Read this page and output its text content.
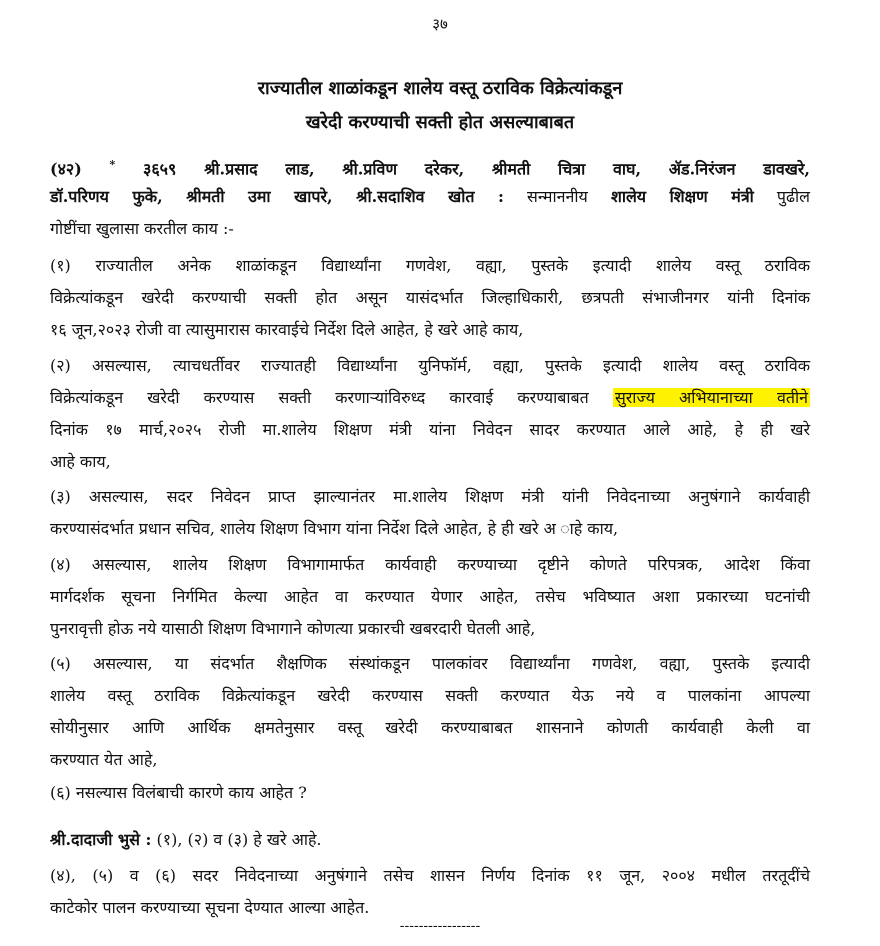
३७
राज्यातील शाळांकडून शालेय वस्तू ठराविक विक्रेत्यांकडून
खरेदी करण्याची सक्ती होत असल्याबाबत
(४२)	* ३६५९ श्री.प्रसाद लाड, श्री.प्रविण दरेकर, श्रीमती चित्रा वाघ, ॲड.निरंजन डावखरे,
डॉ.परिणय फुके, श्रीमती उमा खापरे, श्री.सदाशिव खोत : सन्माननीय शालेय शिक्षण मंत्री पुढील
गोष्टींचा खुलासा करतील काय :-
(१) राज्यातील अनेक शाळांकडून विद्यार्थ्यांना गणवेश, वह्या, पुस्तके इत्यादी शालेय वस्तू ठराविक
विक्रेत्यांकडून खरेदी करण्याची सक्ती होत असून यासंदर्भात जिल्हाधिकारी, छत्रपती संभाजीनगर यांनी दिनांक
१६ जून,२०२३ रोजी वा त्यासुमारास कारवाईचे निर्देश दिले आहेत, हे खरे आहे काय,
(२) असल्यास, त्याचधर्तीवर राज्यातही विद्यार्थ्यांना युनिफॉर्म, वह्या, पुस्तके इत्यादी शालेय वस्तू ठराविक
विक्रेत्यांकडून खरेदी करण्यास सक्ती करणाऱ्यांविरुध्द कारवाई करण्याबाबत सुराज्य अभियानाच्या वतीने
दिनांक १७ मार्च,२०२५ रोजी मा.शालेय शिक्षण मंत्री यांना निवेदन सादर करण्यात आले आहे, हे ही खरे
आहे काय,
(३) असल्यास, सदर निवेदन प्राप्त झाल्यानंतर मा.शालेय शिक्षण मंत्री यांनी निवेदनाच्या अनुषंगाने कार्यवाही
करण्यासंदर्भात प्रधान सचिव, शालेय शिक्षण विभाग यांना निर्देश दिले आहेत, हे ही खरे अ ाहे काय,
(४) असल्यास, शालेय शिक्षण विभागामार्फत कार्यवाही करण्याच्या दृष्टीने कोणते परिपत्रक, आदेश किंवा
मार्गदर्शक सूचना निर्गमित केल्या आहेत वा करण्यात येणार आहेत, तसेच भविष्यात अशा प्रकारच्या घटनांची
पुनरावृत्ती होऊ नये यासाठी शिक्षण विभागाने कोणत्या प्रकारची खबरदारी घेतली आहे,
(५) असल्यास, या संदर्भात शैक्षणिक संस्थांकडून पालकांवर विद्यार्थ्यांना गणवेश, वह्या, पुस्तके इत्यादी
शालेय वस्तू ठराविक विक्रेत्यांकडून खरेदी करण्यास सक्ती करण्यात येऊ नये व पालकांना आपल्या
सोयीनुसार आणि आर्थिक क्षमतेनुसार वस्तू खरेदी करण्याबाबत शासनाने कोणती कार्यवाही केली वा
करण्यात येत आहे,
(६) नसल्यास विलंबाची कारणे काय आहेत ?
श्री.दादाजी भुसे : (१), (२) व (३) हे खरे आहे.
(४), (५) व (६) सदर निवेदनाच्या अनुषंगाने तसेच शासन निर्णय दिनांक ११ जून, २००४ मधील तरतूदींचे
काटेकोर पालन करण्याच्या सूचना देण्यात आल्या आहेत.
-----------------
